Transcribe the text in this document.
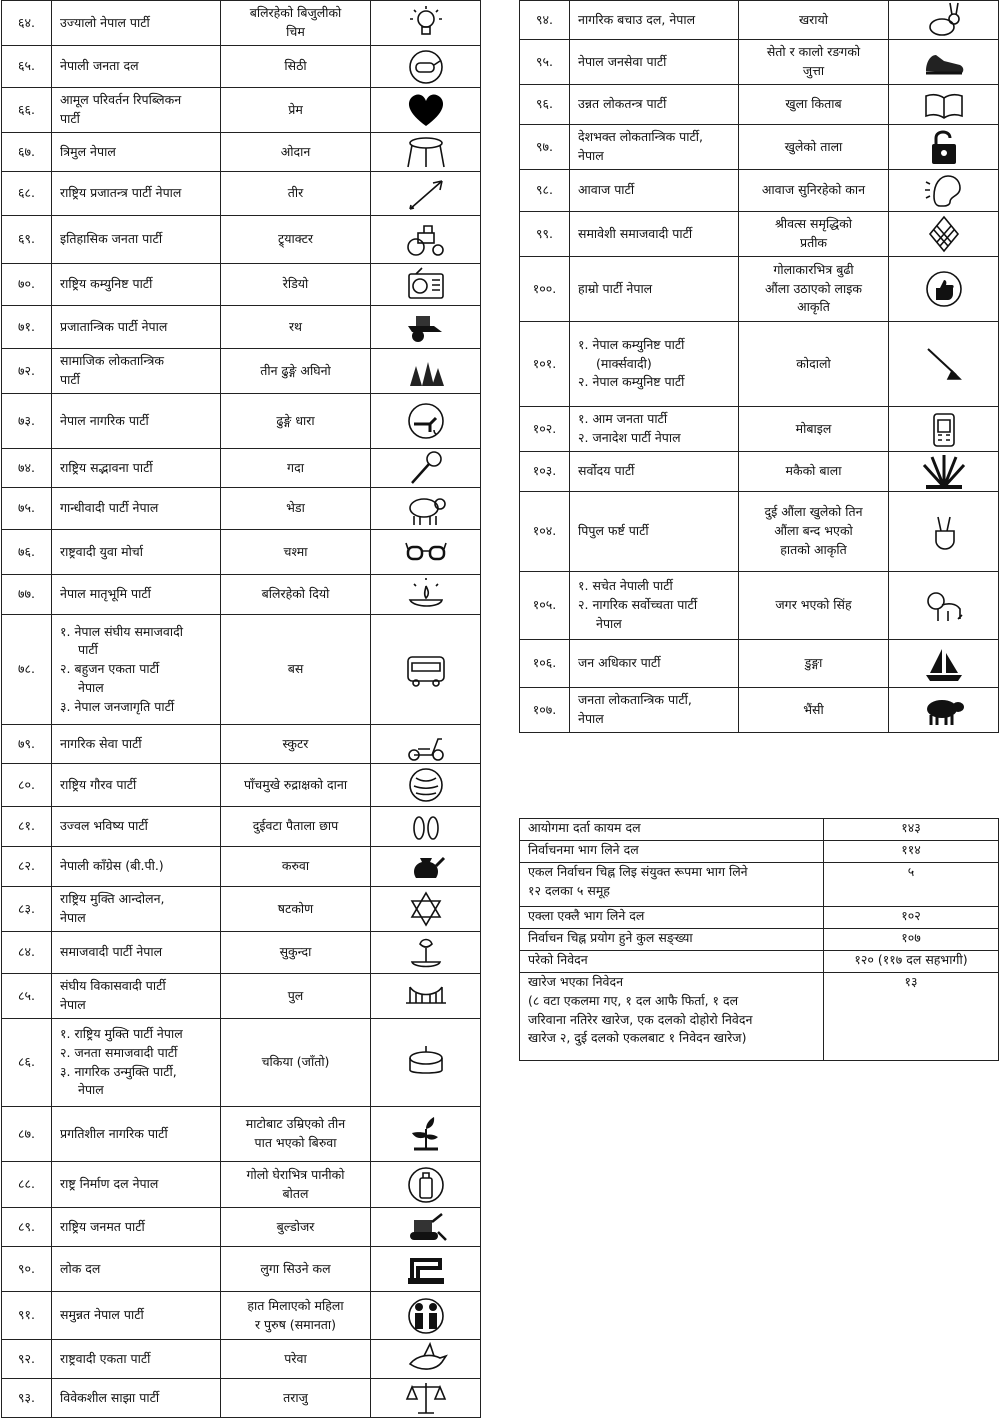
६४.	उज्यालो नेपाल पार्टी	बलिरहेको बिजुलीको
चिम

६५.	नेपाली जनता दल	सिठी

६६.	आमूल परिवर्तन रिपब्लिकन
पार्टी	प्रेम

६७.	त्रिमुल नेपाल	ओदान

६८.	राष्ट्रिय प्रजातन्त्र पार्टी नेपाल	तीर

६९.	इतिहासिक जनता पार्टी	ट्र्याक्टर

७०.	राष्ट्रिय कम्युनिष्ट पार्टी	रेडियो

७१.	प्रजातान्त्रिक पार्टी नेपाल	रथ

७२.	सामाजिक लोकतान्त्रिक
पार्टी	तीन ढुङ्गे अघिनो

७३.	नेपाल नागरिक पार्टी	ढुङ्गे धारा

७४.	राष्ट्रिय सद्भावना पार्टी	गदा

७५.	गान्धीवादी पार्टी नेपाल	भेडा

७६.	राष्ट्रवादी युवा मोर्चा	चश्मा

७७.	नेपाल मातृभूमि पार्टी	बलिरहेको दियो

७८.	१. नेपाल संघीय समाजवादी
पार्टी
२. बहुजन एकता पार्टी
नेपाल
३. नेपाल जनजागृति पार्टी	बस

७९.	नागरिक सेवा पार्टी	स्कुटर

८०.	राष्ट्रिय गौरव पार्टी	पाँचमुखे रुद्राक्षको दाना

८१.	उज्वल भविष्य पार्टी	दुईवटा पैताला छाप

८२.	नेपाली काँग्रेस (बी.पी.)	करुवा

८३.	राष्ट्रिय मुक्ति आन्दोलन,
नेपाल	षटकोण

८४.	समाजवादी पार्टी नेपाल	सुकुन्दा

८५.	संघीय विकासवादी पार्टी
नेपाल	पुल

८६.	१. राष्ट्रिय मुक्ति पार्टी नेपाल
२. जनता समाजवादी पार्टी
३. नागरिक उन्मुक्ति पार्टी,
नेपाल	चकिया (जाँतो)

८७.	प्रगतिशील नागरिक पार्टी	माटोबाट उम्रिएको तीन
पात भएको बिरुवा

८८.	राष्ट्र निर्माण दल नेपाल	गोलो घेराभित्र पानीको
बोतल

८९.	राष्ट्रिय जनमत पार्टी	बुल्डोजर

९०.	लोक दल	लुगा सिउने कल

९१.	समुन्नत नेपाल पार्टी	हात मिलाएको महिला
र पुरुष (समानता)

९२.	राष्ट्रवादी एकता पार्टी	परेवा

९३.	विवेकशील साझा पार्टी	तराजु

९४.	नागरिक बचाउ दल, नेपाल	खरायो

९५.	नेपाल जनसेवा पार्टी	सेतो र कालो रङगको
जुत्ता

९६.	उन्नत लोकतन्त्र पार्टी	खुला किताब

९७.	देशभक्त लोकतान्त्रिक पार्टी,
नेपाल	खुलेको ताला

९८.	आवाज पार्टी	आवाज सुनिरहेको कान

९९.	समावेशी समाजवादी पार्टी	श्रीवत्स समृद्धिको
प्रतीक

१००.	हाम्रो पार्टी नेपाल	गोलाकारभित्र बुढी
औंला उठाएको लाइक
आकृति

१०१.	१. नेपाल कम्युनिष्ट पार्टी
(मार्क्सवादी)
२. नेपाल कम्युनिष्ट पार्टी	कोदालो

१०२.	१. आम जनता पार्टी
२. जनादेश पार्टी नेपाल	मोबाइल

१०३.	सर्वोदय पार्टी	मकैको बाला

१०४.	पिपुल फर्ष्ट पार्टी	दुई औंला खुलेको तिन
औंला बन्द भएको
हातको आकृति

१०५.	१. सचेत नेपाली पार्टी
२. नागरिक सर्वोच्चता पार्टी
नेपाल	जगर भएको सिंह

१०६.	जन अधिकार पार्टी	डुङ्गा

१०७.	जनता लोकतान्त्रिक पार्टी,
नेपाल	भैंसी

आयोगमा दर्ता कायम दल	१४३

निर्वाचनमा भाग लिने दल	११४

एकल निर्वाचन चिह्न लिइ संयुक्त रूपमा भाग लिने
१२ दलका ५ समूह	५

एक्ला एक्लै भाग लिने दल	१०२

निर्वाचन चिह्न प्रयोग हुने कुल सङ्ख्या	१०७

परेको निवेदन	१२० (११७ दल सहभागी)

खारेज भएका निवेदन
(८ वटा एकलमा गए, १ दल आफै फिर्ता, १ दल
जरिवाना नतिरेर खारेज, एक दलको दोहोरो निवेदन
खारेज २, दुई दलको एकलबाट १ निवेदन खारेज)	१३
